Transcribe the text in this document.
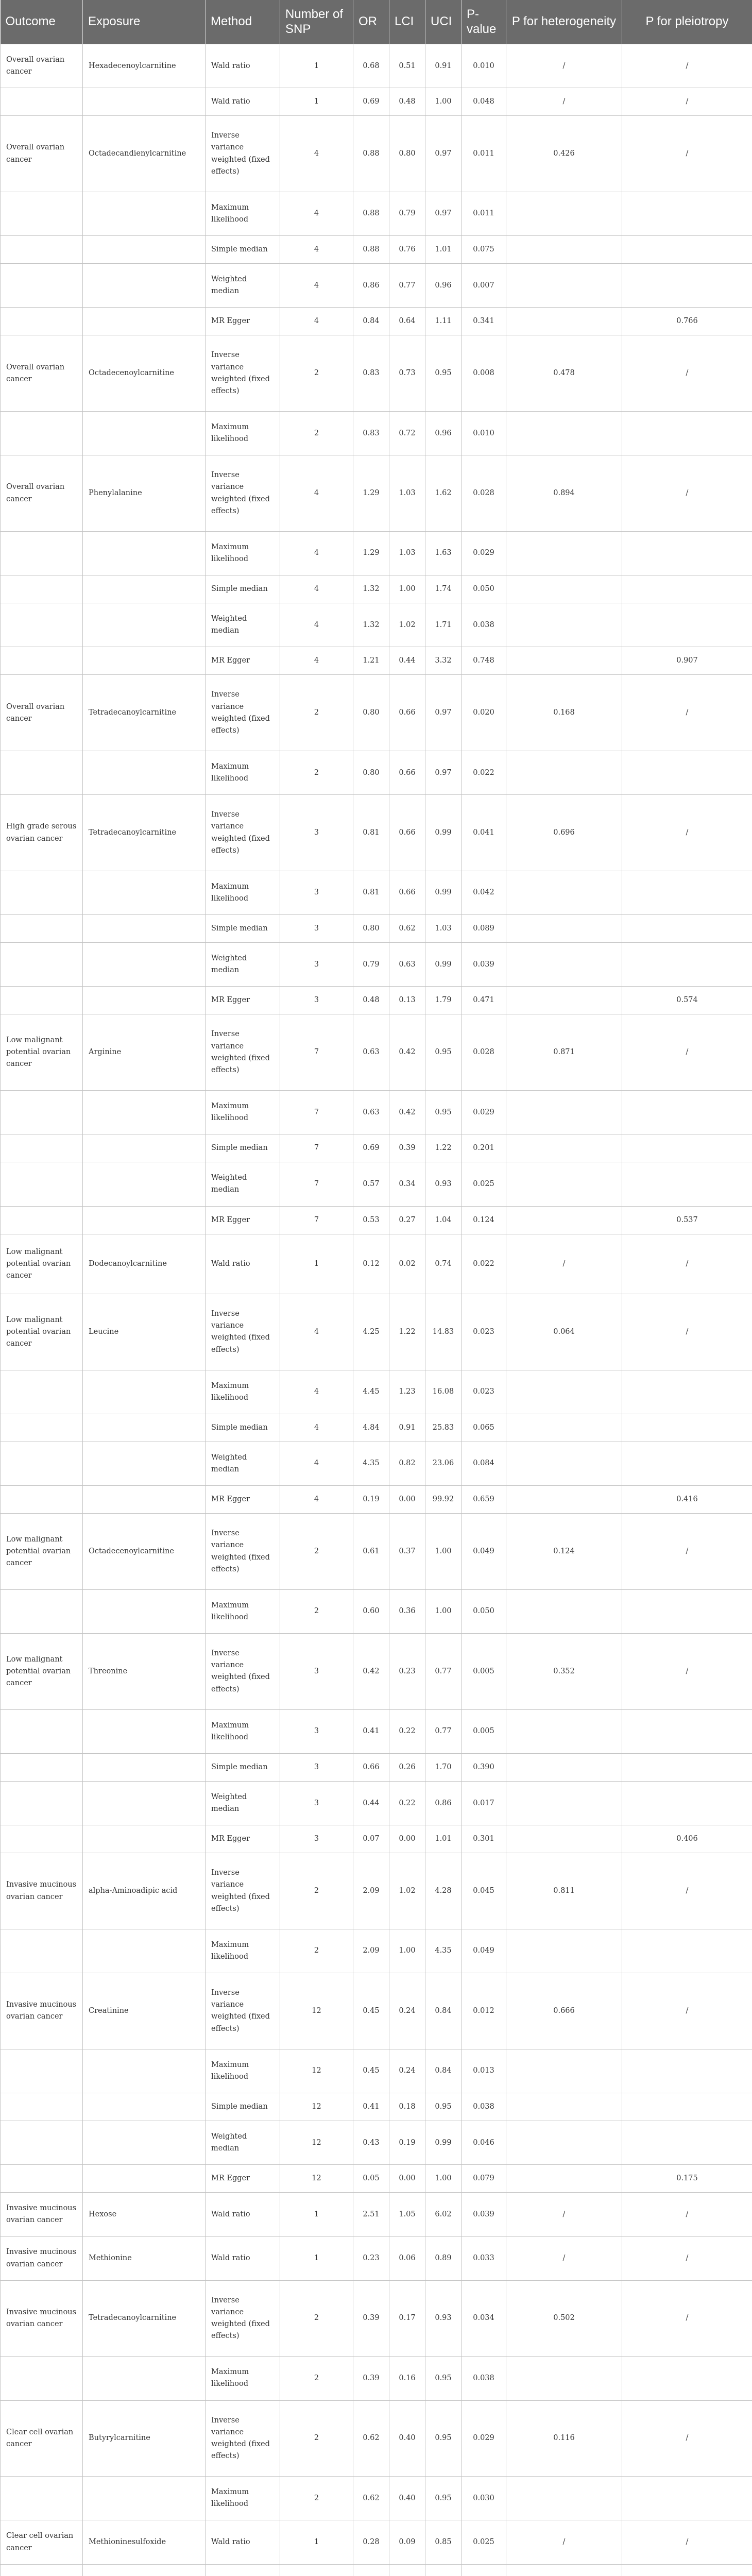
Outcome	Exposure	Method	Number of SNP	OR	LCI	UCI	P-value	P for heterogeneity	P for pleiotropy
Overall ovarian cancer	Hexadecenoylcarnitine	Wald ratio	1	0.68	0.51	0.91	0.010	/	/
		Wald ratio	1	0.69	0.48	1.00	0.048	/	/
Overall ovarian cancer	Octadecandienylcarnitine	Inverse variance weighted (fixed effects)	4	0.88	0.80	0.97	0.011	0.426	/
		Maximum likelihood	4	0.88	0.79	0.97	0.011		
		Simple median	4	0.88	0.76	1.01	0.075		
		Weighted median	4	0.86	0.77	0.96	0.007		
		MR Egger	4	0.84	0.64	1.11	0.341		0.766
Overall ovarian cancer	Octadecenoylcarnitine	Inverse variance weighted (fixed effects)	2	0.83	0.73	0.95	0.008	0.478	/
		Maximum likelihood	2	0.83	0.72	0.96	0.010		
Overall ovarian cancer	Phenylalanine	Inverse variance weighted (fixed effects)	4	1.29	1.03	1.62	0.028	0.894	/
		Maximum likelihood	4	1.29	1.03	1.63	0.029		
		Simple median	4	1.32	1.00	1.74	0.050		
		Weighted median	4	1.32	1.02	1.71	0.038		
		MR Egger	4	1.21	0.44	3.32	0.748		0.907
Overall ovarian cancer	Tetradecanoylcarnitine	Inverse variance weighted (fixed effects)	2	0.80	0.66	0.97	0.020	0.168	/
		Maximum likelihood	2	0.80	0.66	0.97	0.022		
High grade serous ovarian cancer	Tetradecanoylcarnitine	Inverse variance weighted (fixed effects)	3	0.81	0.66	0.99	0.041	0.696	/
		Maximum likelihood	3	0.81	0.66	0.99	0.042		
		Simple median	3	0.80	0.62	1.03	0.089		
		Weighted median	3	0.79	0.63	0.99	0.039		
		MR Egger	3	0.48	0.13	1.79	0.471		0.574
Low malignant potential ovarian cancer	Arginine	Inverse variance weighted (fixed effects)	7	0.63	0.42	0.95	0.028	0.871	/
		Maximum likelihood	7	0.63	0.42	0.95	0.029		
		Simple median	7	0.69	0.39	1.22	0.201		
		Weighted median	7	0.57	0.34	0.93	0.025		
		MR Egger	7	0.53	0.27	1.04	0.124		0.537
Low malignant potential ovarian cancer	Dodecanoylcarnitine	Wald ratio	1	0.12	0.02	0.74	0.022	/	/
Low malignant potential ovarian cancer	Leucine	Inverse variance weighted (fixed effects)	4	4.25	1.22	14.83	0.023	0.064	/
		Maximum likelihood	4	4.45	1.23	16.08	0.023		
		Simple median	4	4.84	0.91	25.83	0.065		
		Weighted median	4	4.35	0.82	23.06	0.084		
		MR Egger	4	0.19	0.00	99.92	0.659		0.416
Low malignant potential ovarian cancer	Octadecenoylcarnitine	Inverse variance weighted (fixed effects)	2	0.61	0.37	1.00	0.049	0.124	/
		Maximum likelihood	2	0.60	0.36	1.00	0.050		
Low malignant potential ovarian cancer	Threonine	Inverse variance weighted (fixed effects)	3	0.42	0.23	0.77	0.005	0.352	/
		Maximum likelihood	3	0.41	0.22	0.77	0.005		
		Simple median	3	0.66	0.26	1.70	0.390		
		Weighted median	3	0.44	0.22	0.86	0.017		
		MR Egger	3	0.07	0.00	1.01	0.301		0.406
Invasive mucinous ovarian cancer	alpha-Aminoadipic acid	Inverse variance weighted (fixed effects)	2	2.09	1.02	4.28	0.045	0.811	/
		Maximum likelihood	2	2.09	1.00	4.35	0.049		
Invasive mucinous ovarian cancer	Creatinine	Inverse variance weighted (fixed effects)	12	0.45	0.24	0.84	0.012	0.666	/
		Maximum likelihood	12	0.45	0.24	0.84	0.013		
		Simple median	12	0.41	0.18	0.95	0.038		
		Weighted median	12	0.43	0.19	0.99	0.046		
		MR Egger	12	0.05	0.00	1.00	0.079		0.175
Invasive mucinous ovarian cancer	Hexose	Wald ratio	1	2.51	1.05	6.02	0.039	/	/
Invasive mucinous ovarian cancer	Methionine	Wald ratio	1	0.23	0.06	0.89	0.033	/	/
Invasive mucinous ovarian cancer	Tetradecanoylcarnitine	Inverse variance weighted (fixed effects)	2	0.39	0.17	0.93	0.034	0.502	/
		Maximum likelihood	2	0.39	0.16	0.95	0.038		
Clear cell ovarian cancer	Butyrylcarnitine	Inverse variance weighted (fixed effects)	2	0.62	0.40	0.95	0.029	0.116	/
		Maximum likelihood	2	0.62	0.40	0.95	0.030		
Clear cell ovarian cancer	Methioninesulfoxide	Wald ratio	1	0.28	0.09	0.85	0.025	/	/
